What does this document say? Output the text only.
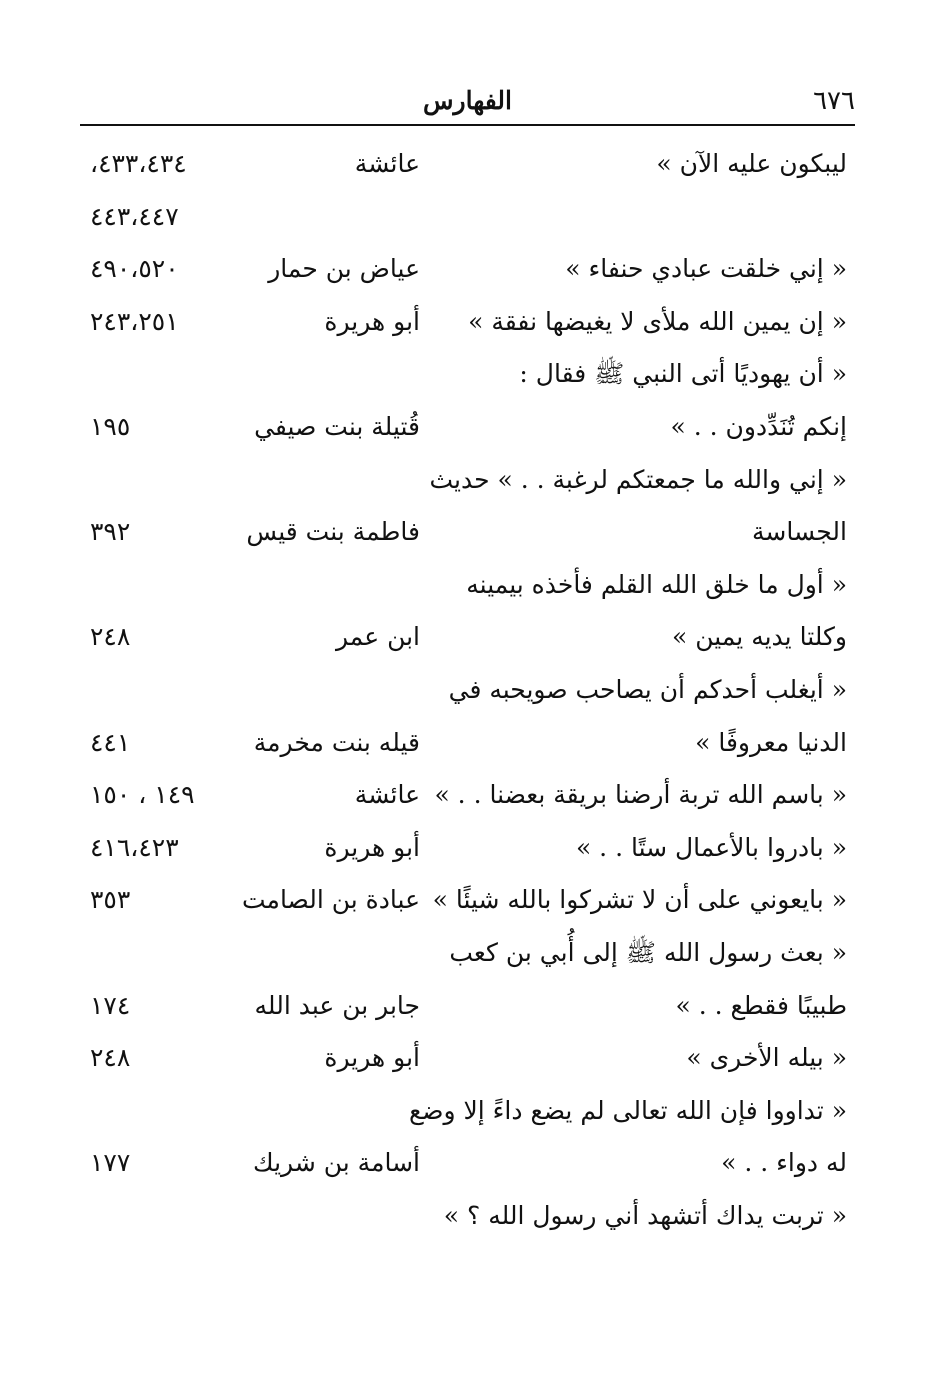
٦٧٦
الفهارس
ليبكون عليه الآن »
عائشة
٤٣٣،٤٣٤،
٤٤٣،٤٤٧
« إني خلقت عبادي حنفاء »
عياض بن حمار
٤٩٠،٥٢٠
« إن يمين الله ملأى لا يغيضها نفقة »
أبو هريرة
٢٤٣،٢٥١
« أن يهوديًا أتى النبي ﷺ فقال :
إنكم تُنَدِّدون . . »
قُتيلة بنت صيفي
١٩٥
« إني والله ما جمعتكم لرغبة . . » حديث
الجساسة
فاطمة بنت قيس
٣٩٢
« أول ما خلق الله القلم فأخذه بيمينه
وكلتا يديه يمين »
ابن عمر
٢٤٨
« أيغلب أحدكم أن يصاحب صويحبه في
الدنيا معروفًا »
قيله بنت مخرمة
٤٤١
« باسم الله تربة أرضنا بريقة بعضنا . . »
عائشة
١٤٩ ، ١٥٠
« بادروا بالأعمال ستًا . . »
أبو هريرة
٤١٦،٤٢٣
« بايعوني على أن لا تشركوا بالله شيئًا »
عبادة بن الصامت
٣٥٣
« بعث رسول الله ﷺ إلى أُبي بن كعب
طبيبًا فقطع . . »
جابر بن عبد الله
١٧٤
« بيله الأخرى »
أبو هريرة
٢٤٨
« تداووا فإن الله تعالى لم يضع داءً إلا وضع
له دواء . . »
أسامة بن شريك
١٧٧
« تربت يداك أتشهد أني رسول الله ؟ »
